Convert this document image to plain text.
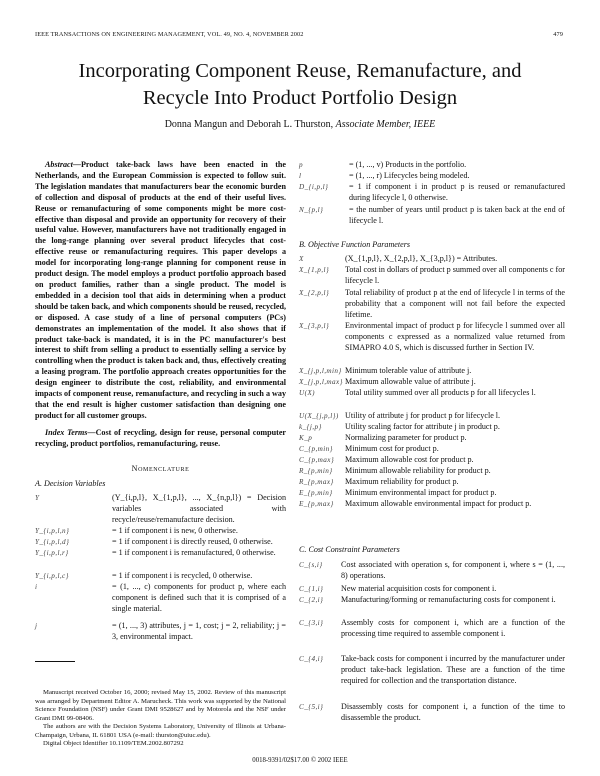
IEEE TRANSACTIONS ON ENGINEERING MANAGEMENT, VOL. 49, NO. 4, NOVEMBER 2002	479
Incorporating Component Reuse, Remanufacture, and
Recycle Into Product Portfolio Design
Donna Mangun and Deborah L. Thurston, Associate Member, IEEE

Abstract—Product take-back laws have been enacted in the Netherlands, and the European Commission is expected to follow suit. The legislation mandates that manufacturers bear the economic burden of collection and disposal of products at the end of their useful lives. Reuse or remanufacturing of some components might be more cost-effective than disposal and provide an opportunity for recovery of their useful value. However, manufacturers have not traditionally engaged in the long-range planning over several product lifecycles that cost-effective reuse or remanufacturing requires. This paper develops a model for incorporating long-range planning for component reuse in product design. The model employs a product portfolio approach based on product families, rather than a single product. The model is embedded in a decision tool that aids in determining when a product should be taken back, and which components should be reused, recycled, or disposed. A case study of a line of personal computers (PCs) demonstrates an implementation of the model. It also shows that if product take-back is mandated, it is in the PC manufacturer's best interest to shift from selling a product to essentially selling a service by controlling when the product is taken back and, thus, effectively creating a leasing program. The portfolio approach creates opportunities for the design engineer to distribute the cost, reliability, and environmental impacts of component reuse, remanufacture, and recycling in such a way that the end result is higher customer satisfaction than designing one product for all customer groups.

Index Terms—Cost of recycling, design for reuse, personal computer recycling, product portfolios, remanufacturing, reuse.

Nomenclature
A. Decision Variables
Y	(Y_{i,p,l}, X_{1,p,l}, ..., X_{n,p,l}) = Decision variables associated with recycle/reuse/remanufacture decision.
Y_{i,p,l,n}	= 1 if component i is new, 0 otherwise.
Y_{i,p,l,d}	= 1 if component i is directly reused, 0 otherwise.
Y_{i,p,l,r}	= 1 if component i is remanufactured, 0 otherwise.
Y_{i,p,l,c}	= 1 if component i is recycled, 0 otherwise.
i	= (1, ..., c) components for product p, where each component is defined such that it is comprised of a single material.
j	= (1, ..., 3) attributes, j = 1, cost; j = 2, reliability; j = 3, environmental impact.

Manuscript received October 16, 2000; revised May 15, 2002. Review of this manuscript was arranged by Department Editor A. Marucheck. This work was supported by the National Science Foundation (NSF) under Grant DMI 9528627 and by Motorola and the NSF under Grant DMI 99-08406.

The authors are with the Decision Systems Laboratory, University of Illinois at Urbana-Champaign, Urbana, IL 61801 USA (e-mail: thurston@uiuc.edu).

Digital Object Identifier 10.1109/TEM.2002.807292

p	= (1, ..., v) Products in the portfolio.
l	= (1, ..., r) Lifecycles being modeled.
D_{i,p,l}	= 1 if component i in product p is reused or remanufactured during lifecycle l, 0 otherwise.
N_{p,l}	= the number of years until product p is taken back at the end of lifecycle l.
B. Objective Function Parameters
X	(X_{1,p,l}, X_{2,p,l}, X_{3,p,l}) = Attributes.
X_{1,p,l} Total cost in dollars of product p summed over all components c for lifecycle l.
X_{2,p,l} Total reliability of product p at the end of lifecycle l in terms of the probability that a component will not fail before the expected lifetime.
X_{3,p,l} Environmental impact of product p for lifecycle l summed over all components c expressed as a normalized value returned from SIMAPRO 4.0 S, which is discussed further in Section IV.
X_{j,p,l,min} Minimum tolerable value of attribute j.
X_{j,p,l,max} Maximum allowable value of attribute j.
U(X)	Total utility summed over all products p for all lifecycles l.
U(X_{j,p,l}) Utility of attribute j for product p for lifecycle l.
k_{j,p}	Utility scaling factor for attribute j in product p.
K_p	Normalizing parameter for product p.
C_{p,min} Minimum cost for product p.
C_{p,max} Maximum allowable cost for product p.
R_{p,min} Minimum allowable reliability for product p.
R_{p,max} Maximum reliability for product p.
E_{p,min} Minimum environmental impact for product p.
E_{p,max} Maximum allowable environmental impact for product p.
C. Cost Constraint Parameters
C_{s,i} Cost associated with operation s, for component i, where s = (1, ..., 8) operations.
C_{1,i} New material acquisition costs for component i.
C_{2,i} Manufacturing/forming or remanufacturing costs for component i.
C_{3,i} Assembly costs for component i, which are a function of the processing time required to assemble component i.
C_{4,i} Take-back costs for component i incurred by the manufacturer under product take-back legislation. These are a function of the time required for collection and the transportation distance.
C_{5,i} Disassembly costs for component i, a function of the time to disassemble the product.
0018-9391/02$17.00 © 2002 IEEE
